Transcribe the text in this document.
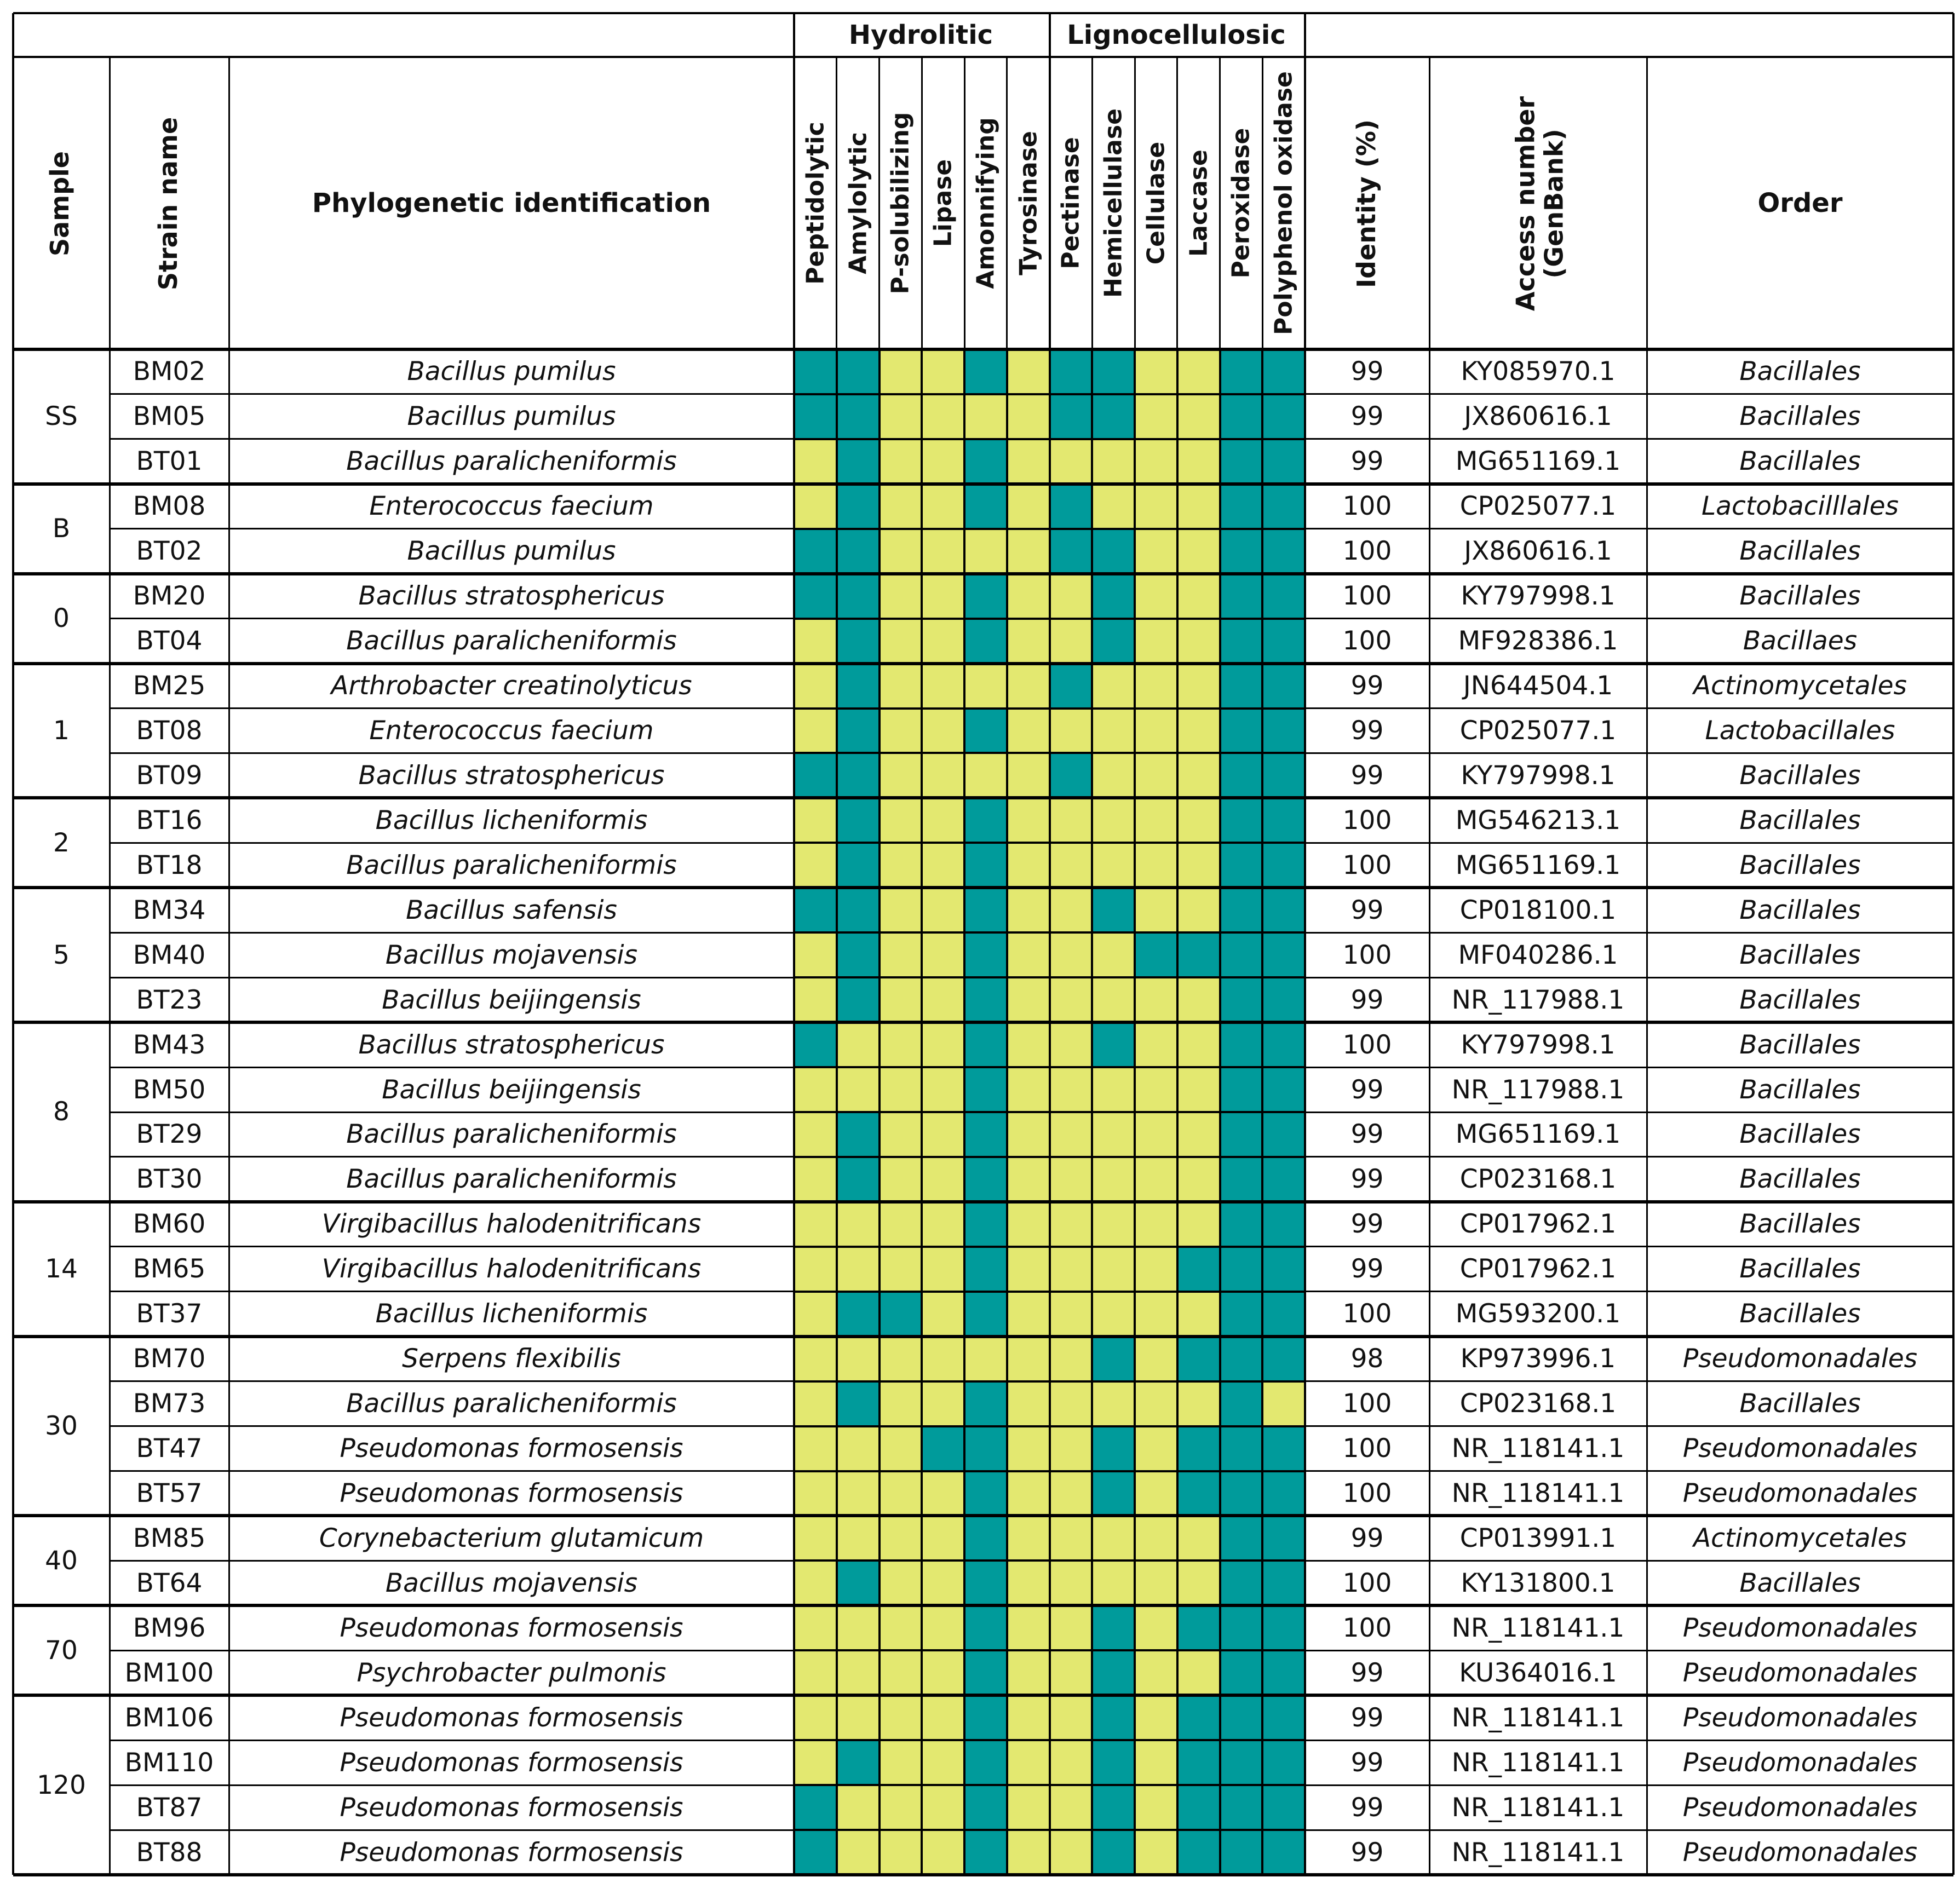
Hydrolitic	Lignocellulosic
Sample	Strain name	Phylogenetic identification	Identity (%)	Access number
(GenBank)	Order
Peptidolytic Amylolytic P-solubilizing Lipase Amonnifying Tyrosinase Pectinase Hemicellulase Cellulase Laccase Peroxidase Polyphenol oxidase
SS
BM02	Bacillus pumilus	99	KY085970.1	Bacillales
BM05	Bacillus pumilus	99	JX860616.1	Bacillales
BT01	Bacillus paralicheniformis	99	MG651169.1	Bacillales
B
BM08	Enterococcus faecium	100	CP025077.1	Lactobacilllales
BT02	Bacillus pumilus	100	JX860616.1	Bacillales
0
BM20	Bacillus stratosphericus	100	KY797998.1	Bacillales
BT04	Bacillus paralicheniformis	100	MF928386.1	Bacillaes
1
BM25	Arthrobacter creatinolyticus	99	JN644504.1	Actinomycetales
BT08	Enterococcus faecium	99	CP025077.1	Lactobacillales
BT09	Bacillus stratosphericus	99	KY797998.1	Bacillales
2
BT16	Bacillus licheniformis	100	MG546213.1	Bacillales
BT18	Bacillus paralicheniformis	100	MG651169.1	Bacillales
5
BM34	Bacillus safensis	99	CP018100.1	Bacillales
BM40	Bacillus mojavensis	100	MF040286.1	Bacillales
BT23	Bacillus beijingensis	99	NR_117988.1	Bacillales
8
BM43	Bacillus stratosphericus	100	KY797998.1	Bacillales
BM50	Bacillus beijingensis	99	NR_117988.1	Bacillales
BT29	Bacillus paralicheniformis	99	MG651169.1	Bacillales
BT30	Bacillus paralicheniformis	99	CP023168.1	Bacillales
14
BM60	Virgibacillus halodenitrificans	99	CP017962.1	Bacillales
BM65	Virgibacillus halodenitrificans	99	CP017962.1	Bacillales
BT37	Bacillus licheniformis	100	MG593200.1	Bacillales
30
BM70	Serpens flexibilis	98	KP973996.1	Pseudomonadales
BM73	Bacillus paralicheniformis	100	CP023168.1	Bacillales
BT47	Pseudomonas formosensis	100	NR_118141.1	Pseudomonadales
BT57	Pseudomonas formosensis	100	NR_118141.1	Pseudomonadales
40
BM85	Corynebacterium glutamicum	99	CP013991.1	Actinomycetales
BT64	Bacillus mojavensis	100	KY131800.1	Bacillales
70
BM96	Pseudomonas formosensis	100	NR_118141.1	Pseudomonadales
BM100	Psychrobacter pulmonis	99	KU364016.1	Pseudomonadales
120
BM106	Pseudomonas formosensis	99	NR_118141.1	Pseudomonadales
BM110	Pseudomonas formosensis	99	NR_118141.1	Pseudomonadales
BT87	Pseudomonas formosensis	99	NR_118141.1	Pseudomonadales
BT88	Pseudomonas formosensis	99	NR_118141.1	Pseudomonadales
